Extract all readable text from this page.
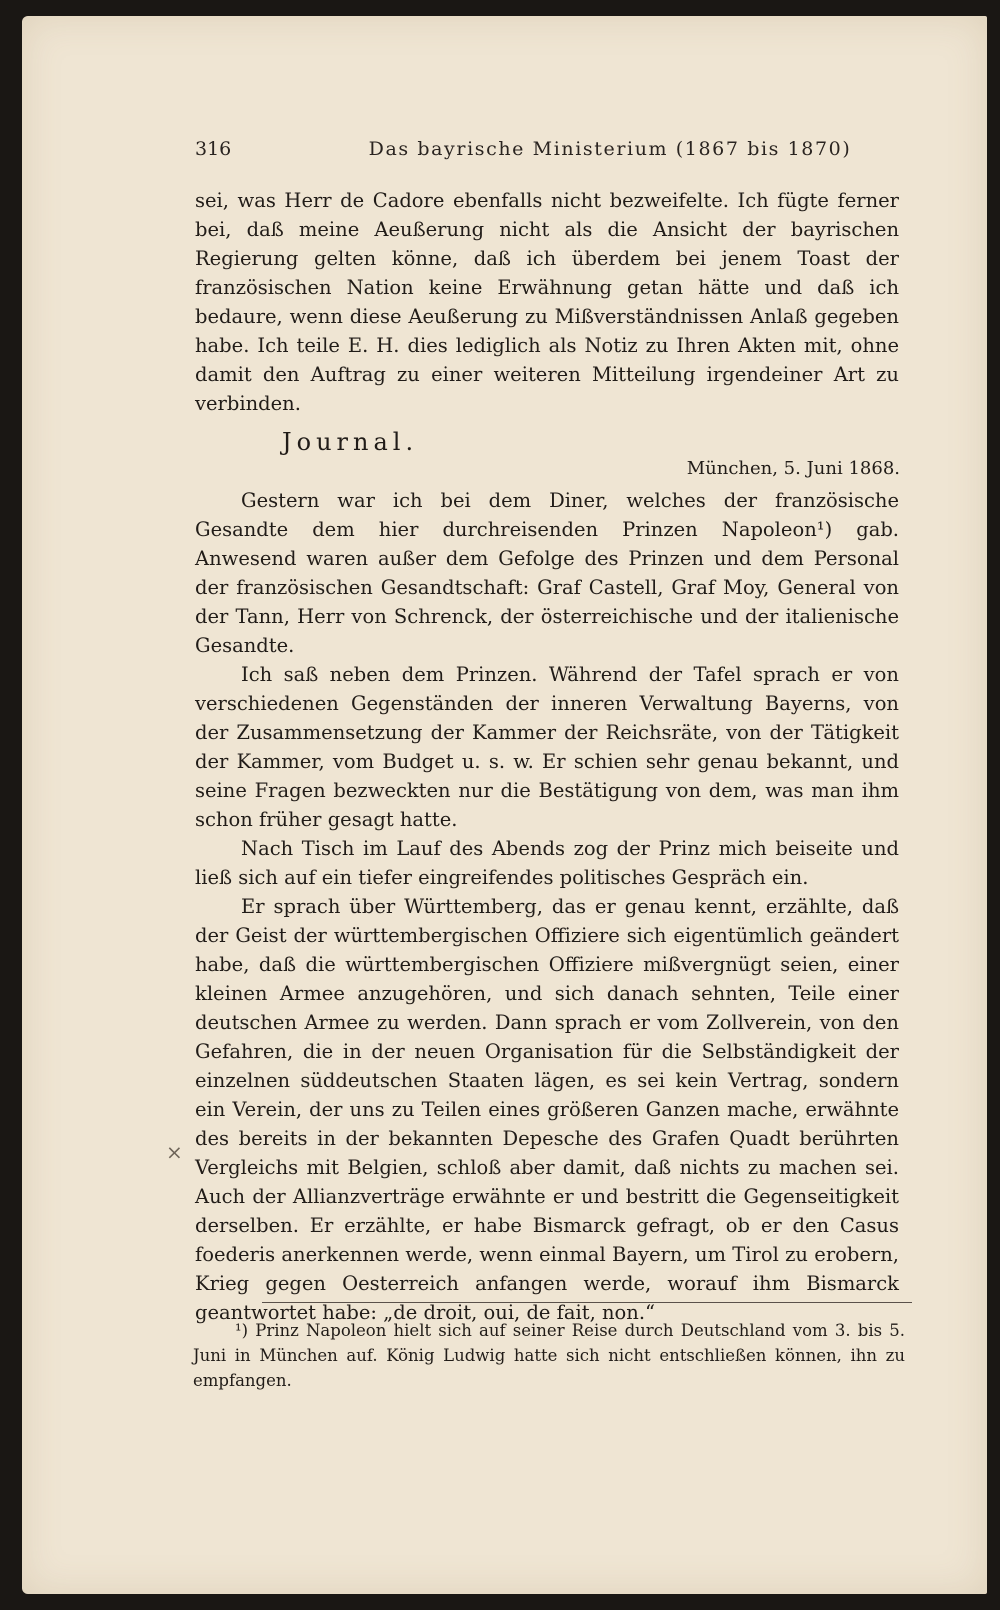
316	Das bayrische Ministerium (1867 bis 1870)

sei, was Herr de Cadore ebenfalls nicht bezweifelte. Ich fügte ferner bei, daß meine Aeußerung nicht als die Ansicht der bayrischen Regierung gelten könne, daß ich überdem bei jenem Toast der französischen Nation keine Erwähnung getan hätte und daß ich bedaure, wenn diese Aeußerung zu Mißverständnissen Anlaß gegeben habe. Ich teile E. H. dies lediglich als Notiz zu Ihren Akten mit, ohne damit den Auftrag zu einer weiteren Mitteilung irgendeiner Art zu verbinden.

Journal.
München, 5. Juni 1868.

Gestern war ich bei dem Diner, welches der französische Gesandte dem hier durchreisenden Prinzen Napoleon¹) gab. Anwesend waren außer dem Gefolge des Prinzen und dem Personal der französischen Gesandtschaft: Graf Castell, Graf Moy, General von der Tann, Herr von Schrenck, der österreichische und der italienische Gesandte.

Ich saß neben dem Prinzen. Während der Tafel sprach er von verschiedenen Gegenständen der inneren Verwaltung Bayerns, von der Zusammensetzung der Kammer der Reichsräte, von der Tätigkeit der Kammer, vom Budget u. s. w. Er schien sehr genau bekannt, und seine Fragen bezweckten nur die Bestätigung von dem, was man ihm schon früher gesagt hatte.

Nach Tisch im Lauf des Abends zog der Prinz mich beiseite und ließ sich auf ein tiefer eingreifendes politisches Gespräch ein.

Er sprach über Württemberg, das er genau kennt, erzählte, daß der Geist der württembergischen Offiziere sich eigentümlich geändert habe, daß die württembergischen Offiziere mißvergnügt seien, einer kleinen Armee anzugehören, und sich danach sehnten, Teile einer deutschen Armee zu werden. Dann sprach er vom Zollverein, von den Gefahren, die in der neuen Organisation für die Selbständigkeit der einzelnen süddeutschen Staaten lägen, es sei kein Vertrag, sondern ein Verein, der uns zu Teilen eines größeren Ganzen mache, erwähnte des bereits in der bekannten Depesche des Grafen Quadt berührten Vergleichs mit Belgien, schloß aber damit, daß nichts zu machen sei. Auch der Allianzverträge erwähnte er und bestritt die Gegenseitigkeit derselben. Er erzählte, er habe Bismarck gefragt, ob er den Casus foederis anerkennen werde, wenn einmal Bayern, um Tirol zu erobern, Krieg gegen Oesterreich anfangen werde, worauf ihm Bismarck geantwortet habe: „de droit, oui, de fait, non.“

×
¹) Prinz Napoleon hielt sich auf seiner Reise durch Deutschland vom 3. bis 5. Juni in München auf. König Ludwig hatte sich nicht entschließen können, ihn zu empfangen.
